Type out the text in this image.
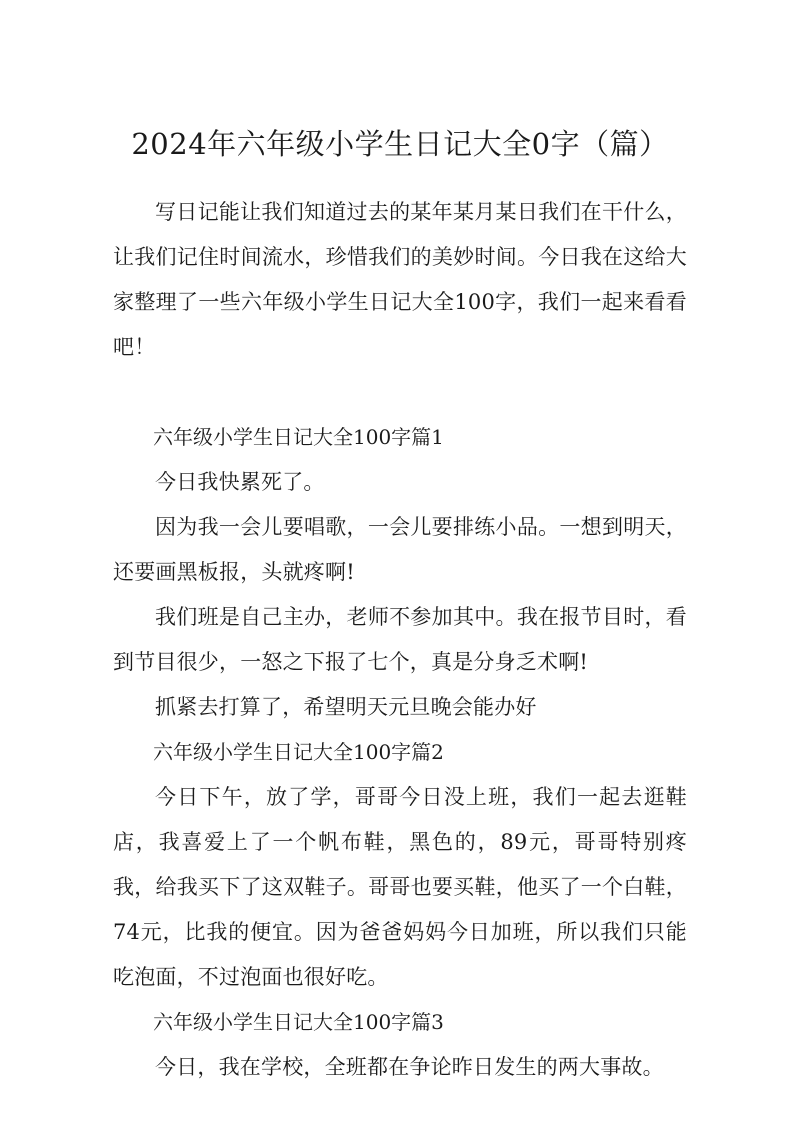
2024年六年级小学生日记大全0字（篇）

写日记能让我们知道过去的某年某月某日我们在干什么，让我们记住时间流水，珍惜我们的美妙时间。今日我在这给大家整理了一些六年级小学生日记大全100字，我们一起来看看吧！

六年级小学生日记大全100字篇1

今日我快累死了。

因为我一会儿要唱歌，一会儿要排练小品。一想到明天，还要画黑板报，头就疼啊!

我们班是自己主办，老师不参加其中。我在报节目时，看到节目很少，一怒之下报了七个，真是分身乏术啊!

抓紧去打算了，希望明天元旦晚会能办好

六年级小学生日记大全100字篇2

今日下午，放了学，哥哥今日没上班，我们一起去逛鞋店，我喜爱上了一个帆布鞋，黑色的，89元，哥哥特别疼我，给我买下了这双鞋子。哥哥也要买鞋，他买了一个白鞋，74元，比我的便宜。因为爸爸妈妈今日加班，所以我们只能吃泡面，不过泡面也很好吃。

六年级小学生日记大全100字篇3

今日，我在学校，全班都在争论昨日发生的两大事故。
